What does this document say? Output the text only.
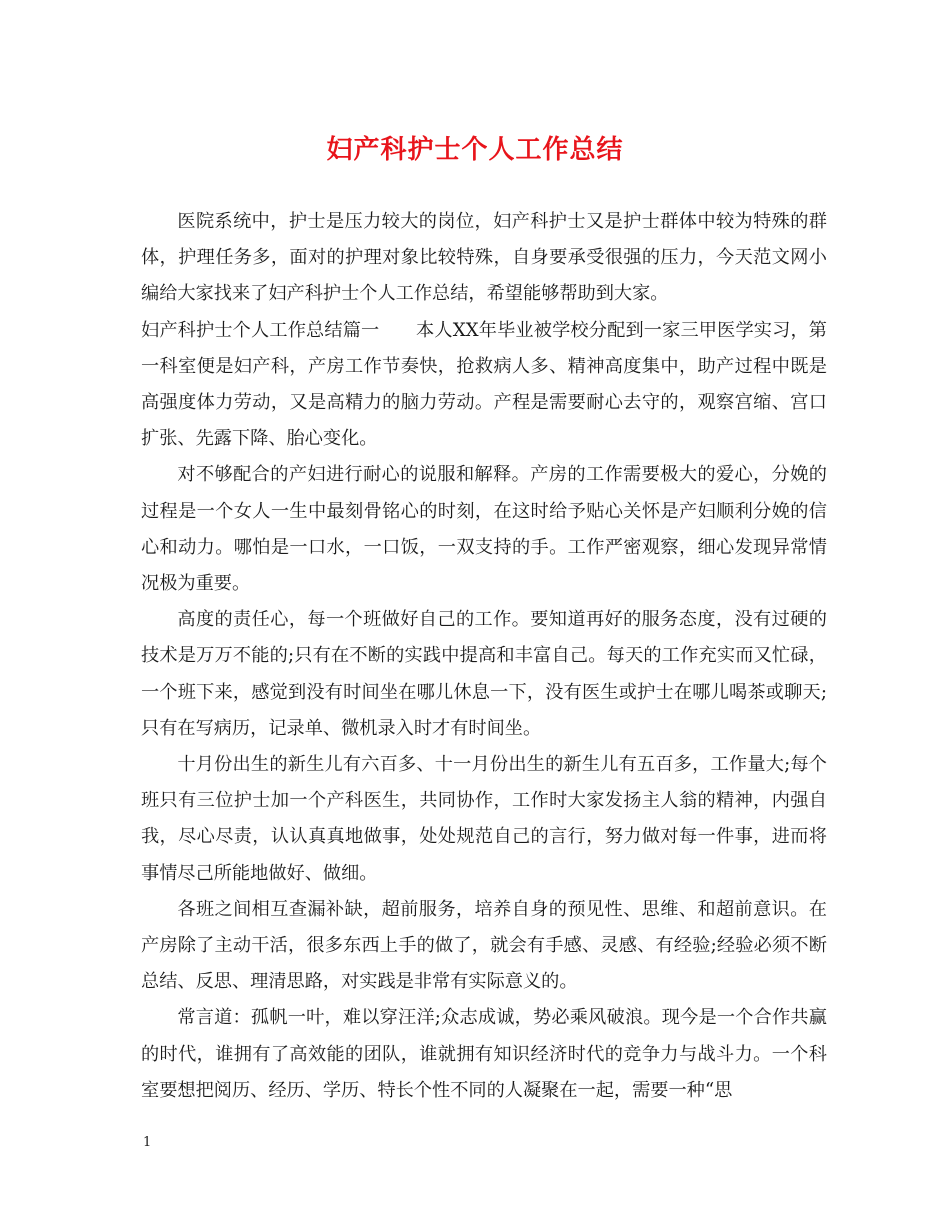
妇产科护士个人工作总结

医院系统中，护士是压力较大的岗位，妇产科护士又是护士群体中较为特殊的群体，护理任务多，面对的护理对象比较特殊，自身要承受很强的压力，今天范文网小编给大家找来了妇产科护士个人工作总结，希望能够帮助到大家。

妇产科护士个人工作总结篇一　　本人XX年毕业被学校分配到一家三甲医学实习，第一科室便是妇产科，产房工作节奏快，抢救病人多、精神高度集中，助产过程中既是高强度体力劳动，又是高精力的脑力劳动。产程是需要耐心去守的，观察宫缩、宫口扩张、先露下降、胎心变化。

对不够配合的产妇进行耐心的说服和解释。产房的工作需要极大的爱心，分娩的过程是一个女人一生中最刻骨铭心的时刻，在这时给予贴心关怀是产妇顺利分娩的信心和动力。哪怕是一口水，一口饭，一双支持的手。工作严密观察，细心发现异常情况极为重要。

高度的责任心，每一个班做好自己的工作。要知道再好的服务态度，没有过硬的技术是万万不能的;只有在不断的实践中提高和丰富自己。每天的工作充实而又忙碌，一个班下来，感觉到没有时间坐在哪儿休息一下，没有医生或护士在哪儿喝茶或聊天;只有在写病历，记录单、微机录入时才有时间坐。

十月份出生的新生儿有六百多、十一月份出生的新生儿有五百多，工作量大;每个班只有三位护士加一个产科医生，共同协作，工作时大家发扬主人翁的精神，内强自我，尽心尽责，认认真真地做事，处处规范自己的言行，努力做对每一件事，进而将事情尽己所能地做好、做细。

各班之间相互查漏补缺，超前服务，培养自身的预见性、思维、和超前意识。在产房除了主动干活，很多东西上手的做了，就会有手感、灵感、有经验;经验必须不断总结、反思、理清思路，对实践是非常有实际意义的。

常言道：孤帆一叶，难以穿汪洋;众志成诚，势必乘风破浪。现今是一个合作共赢的时代，谁拥有了高效能的团队，谁就拥有知识经济时代的竞争力与战斗力。一个科室要想把阅历、经历、学历、特长个性不同的人凝聚在一起，需要一种“思

1
